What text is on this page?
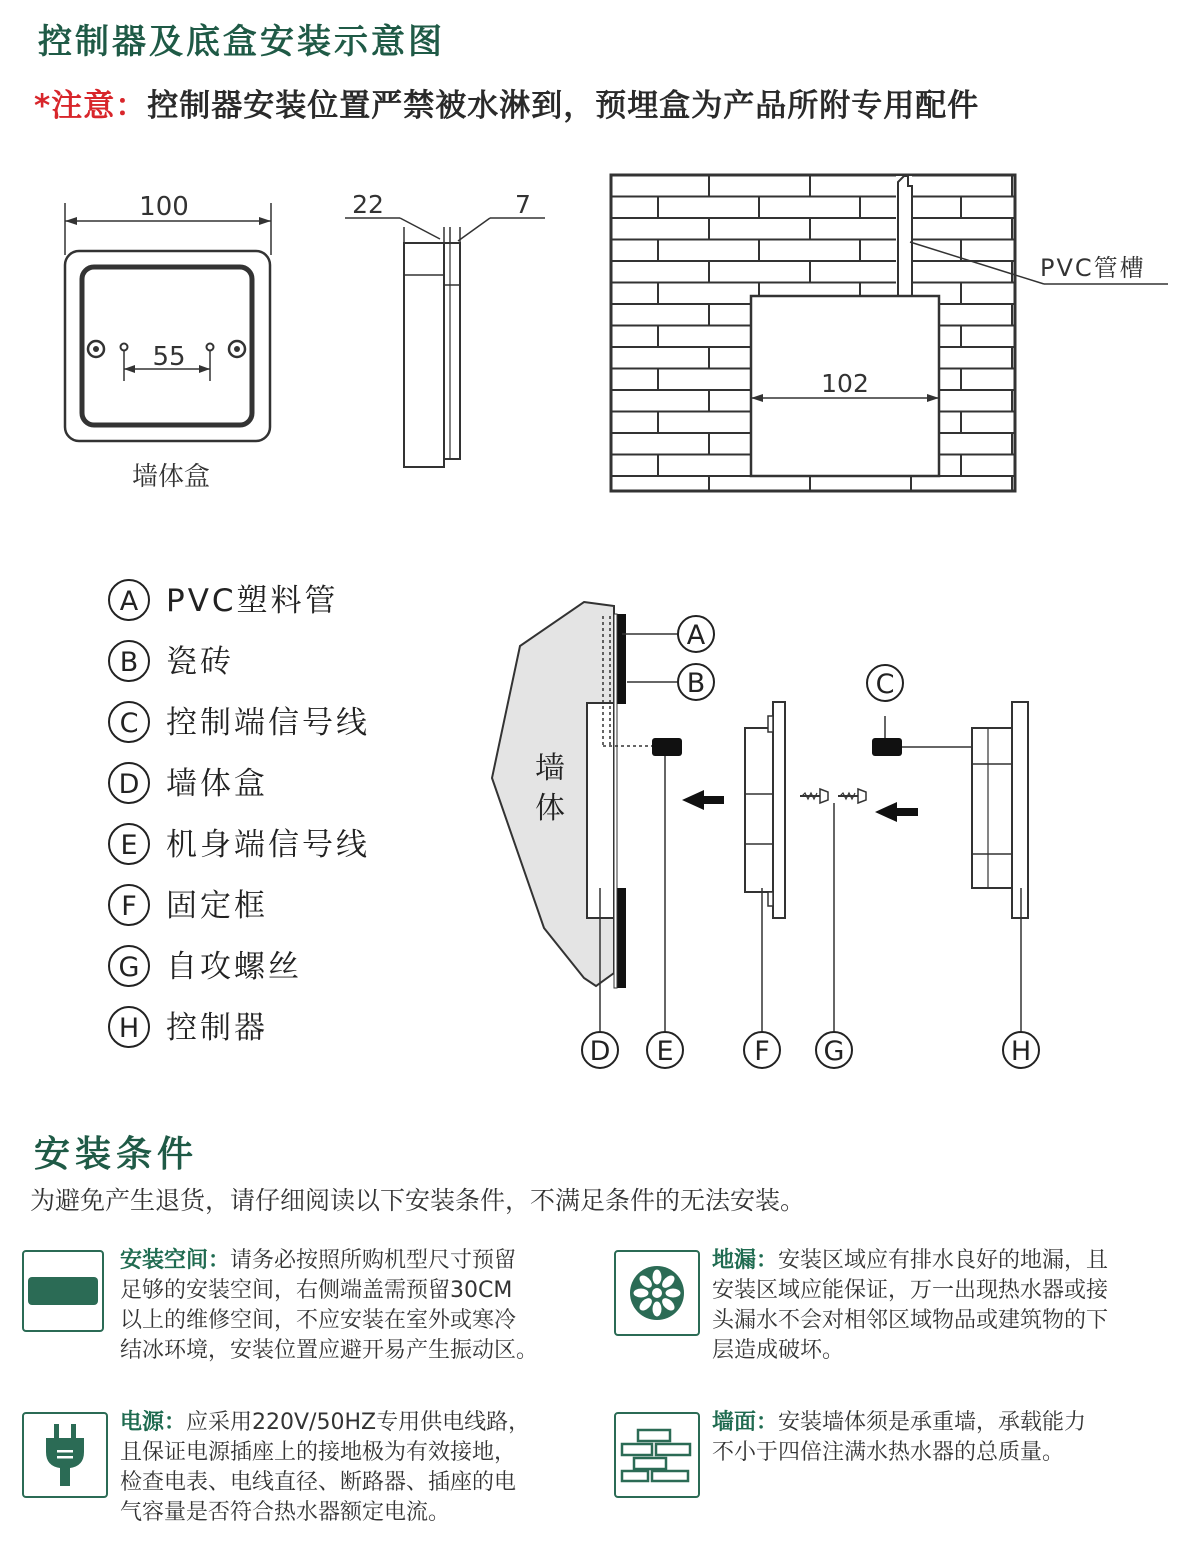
控制器及底盒安装示意图
*注意：控制器安装位置严禁被水淋到，预埋盒为产品所附专用配件
100
55
墙体盒
22	7
102
PVC管槽
A PVC塑料管
B 瓷砖
C 控制端信号线
D 墙体盒
E 机身端信号线
F 固定框
G 自攻螺丝
H 控制器
墙
体
A
B	C
D E	F G	H
安装条件
为避免产生退货，请仔细阅读以下安装条件，不满足条件的无法安装。
安装空间：请务必按照所购机型尺寸预留
足够的安装空间，右侧端盖需预留30CM
以上的维修空间，不应安装在室外或寒冷
结冰环境，安装位置应避开易产生振动区。
地漏：安装区域应有排水良好的地漏，且
安装区域应能保证，万一出现热水器或接
头漏水不会对相邻区域物品或建筑物的下
层造成破坏。
电源：应采用220V/50HZ专用供电线路，
且保证电源插座上的接地极为有效接地，
检查电表、电线直径、断路器、插座的电
气容量是否符合热水器额定电流。
墙面：安装墙体须是承重墙，承载能力
不小于四倍注满水热水器的总质量。
